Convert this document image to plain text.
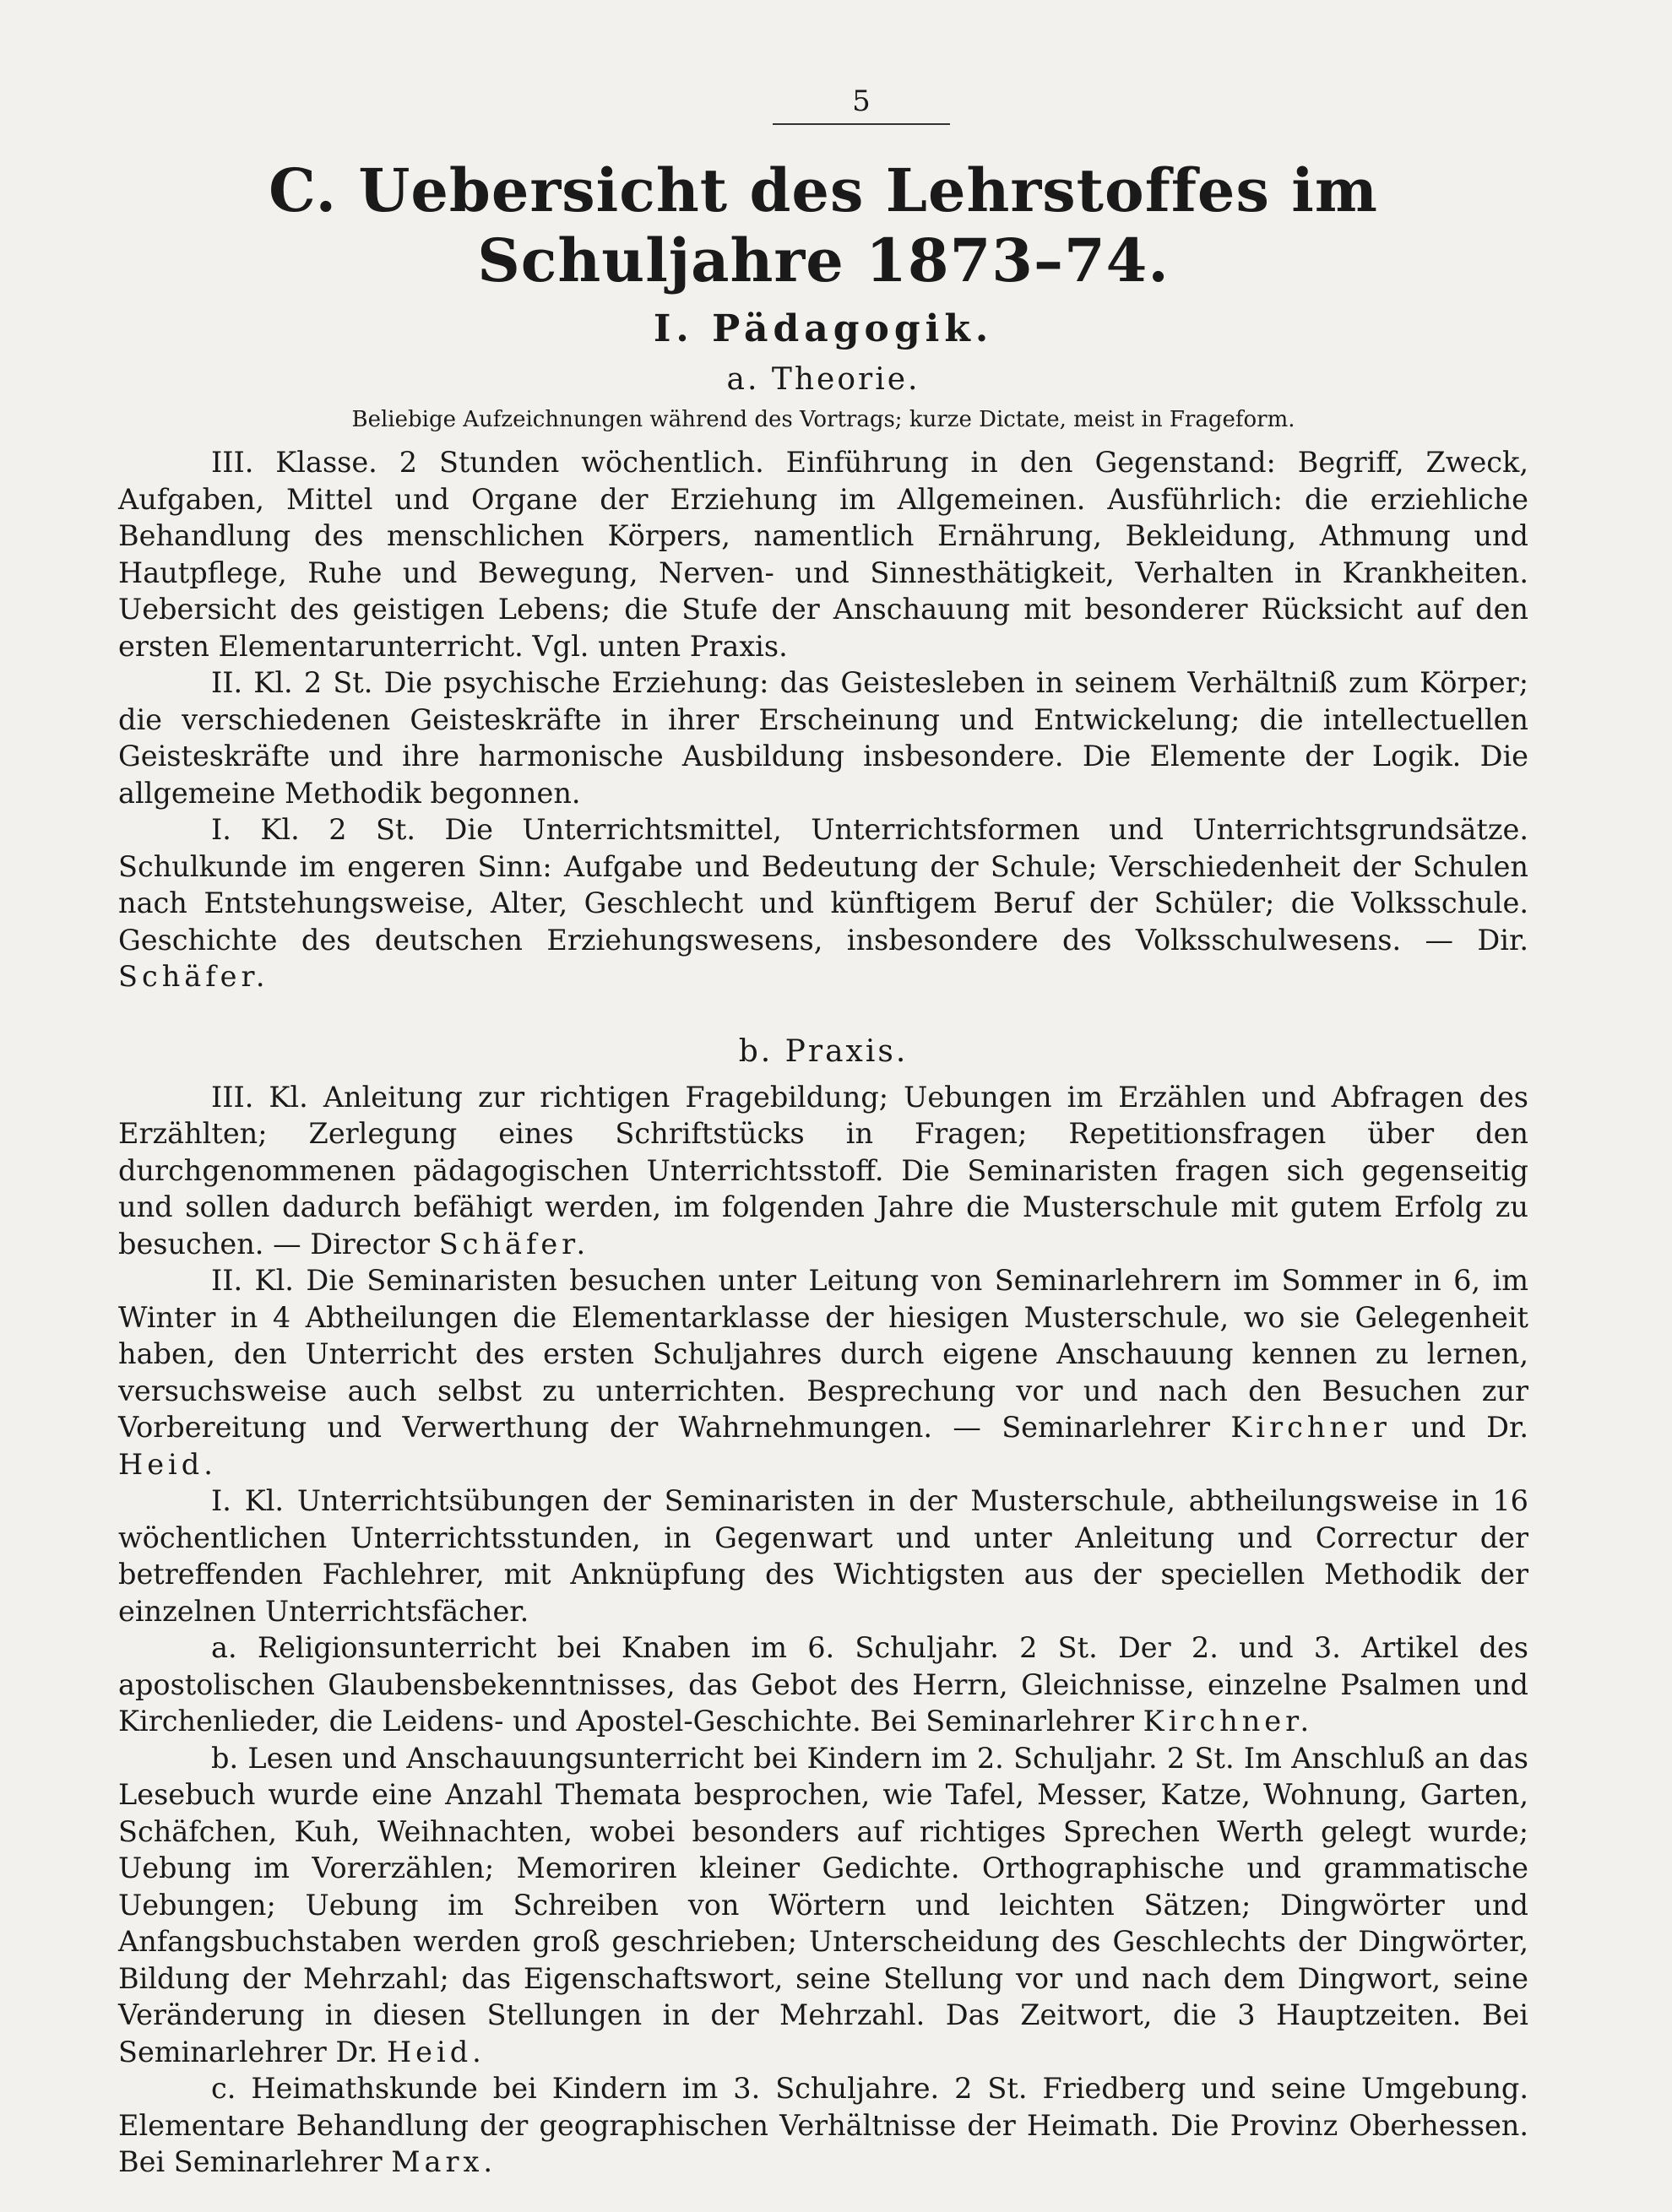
5
C. Uebersicht des Lehrstoffes im Schuljahre 1873–74.
I. Pädagogik.
a. Theorie.
Beliebige Aufzeichnungen während des Vortrags; kurze Dictate, meist in Frageform.

III. Klasse. 2 Stunden wöchentlich. Einführung in den Gegenstand: Begriff, Zweck, Aufgaben, Mittel und Organe der Erziehung im Allgemeinen. Ausführlich: die erziehliche Behandlung des menschlichen Körpers, namentlich Ernährung, Bekleidung, Athmung und Hautpflege, Ruhe und Bewegung, Nerven- und Sinnesthätigkeit, Verhalten in Krankheiten. Uebersicht des geistigen Lebens; die Stufe der Anschauung mit besonderer Rücksicht auf den ersten Elementarunterricht. Vgl. unten Praxis.

II. Kl. 2 St. Die psychische Erziehung: das Geistesleben in seinem Verhältniß zum Körper; die verschiedenen Geisteskräfte in ihrer Erscheinung und Entwickelung; die intellectuellen Geisteskräfte und ihre harmonische Ausbildung insbesondere. Die Elemente der Logik. Die allgemeine Methodik begonnen.

I. Kl. 2 St. Die Unterrichtsmittel, Unterrichtsformen und Unterrichtsgrundsätze. Schulkunde im engeren Sinn: Aufgabe und Bedeutung der Schule; Verschiedenheit der Schulen nach Entstehungsweise, Alter, Geschlecht und künftigem Beruf der Schüler; die Volksschule. Geschichte des deutschen Erziehungswesens, insbesondere des Volksschulwesens. — Dir. Schäfer.

b. Praxis.

III. Kl. Anleitung zur richtigen Fragebildung; Uebungen im Erzählen und Abfragen des Erzählten; Zerlegung eines Schriftstücks in Fragen; Repetitionsfragen über den durchgenommenen pädagogischen Unterrichtsstoff. Die Seminaristen fragen sich gegenseitig und sollen dadurch befähigt werden, im folgenden Jahre die Musterschule mit gutem Erfolg zu besuchen. — Director Schäfer.

II. Kl. Die Seminaristen besuchen unter Leitung von Seminarlehrern im Sommer in 6, im Winter in 4 Abtheilungen die Elementarklasse der hiesigen Musterschule, wo sie Gelegenheit haben, den Unterricht des ersten Schuljahres durch eigene Anschauung kennen zu lernen, versuchsweise auch selbst zu unterrichten. Besprechung vor und nach den Besuchen zur Vorbereitung und Verwerthung der Wahrnehmungen. — Seminarlehrer Kirchner und Dr. Heid.

I. Kl. Unterrichtsübungen der Seminaristen in der Musterschule, abtheilungsweise in 16 wöchentlichen Unterrichtsstunden, in Gegenwart und unter Anleitung und Correctur der betreffenden Fachlehrer, mit Anknüpfung des Wichtigsten aus der speciellen Methodik der einzelnen Unterrichtsfächer.

a. Religionsunterricht bei Knaben im 6. Schuljahr. 2 St. Der 2. und 3. Artikel des apostolischen Glaubensbekenntnisses, das Gebot des Herrn, Gleichnisse, einzelne Psalmen und Kirchenlieder, die Leidens- und Apostel-Geschichte. Bei Seminarlehrer Kirchner.

b. Lesen und Anschauungsunterricht bei Kindern im 2. Schuljahr. 2 St. Im Anschluß an das Lesebuch wurde eine Anzahl Themata besprochen, wie Tafel, Messer, Katze, Wohnung, Garten, Schäfchen, Kuh, Weihnachten, wobei besonders auf richtiges Sprechen Werth gelegt wurde; Uebung im Vorerzählen; Memoriren kleiner Gedichte. Orthographische und grammatische Uebungen; Uebung im Schreiben von Wörtern und leichten Sätzen; Dingwörter und Anfangsbuchstaben werden groß geschrieben; Unterscheidung des Geschlechts der Dingwörter, Bildung der Mehrzahl; das Eigenschaftswort, seine Stellung vor und nach dem Dingwort, seine Veränderung in diesen Stellungen in der Mehrzahl. Das Zeitwort, die 3 Hauptzeiten. Bei Seminarlehrer Dr. Heid.

c. Heimathskunde bei Kindern im 3. Schuljahre. 2 St. Friedberg und seine Umgebung. Elementare Behandlung der geographischen Verhältnisse der Heimath. Die Provinz Oberhessen. Bei Seminarlehrer Marx.
